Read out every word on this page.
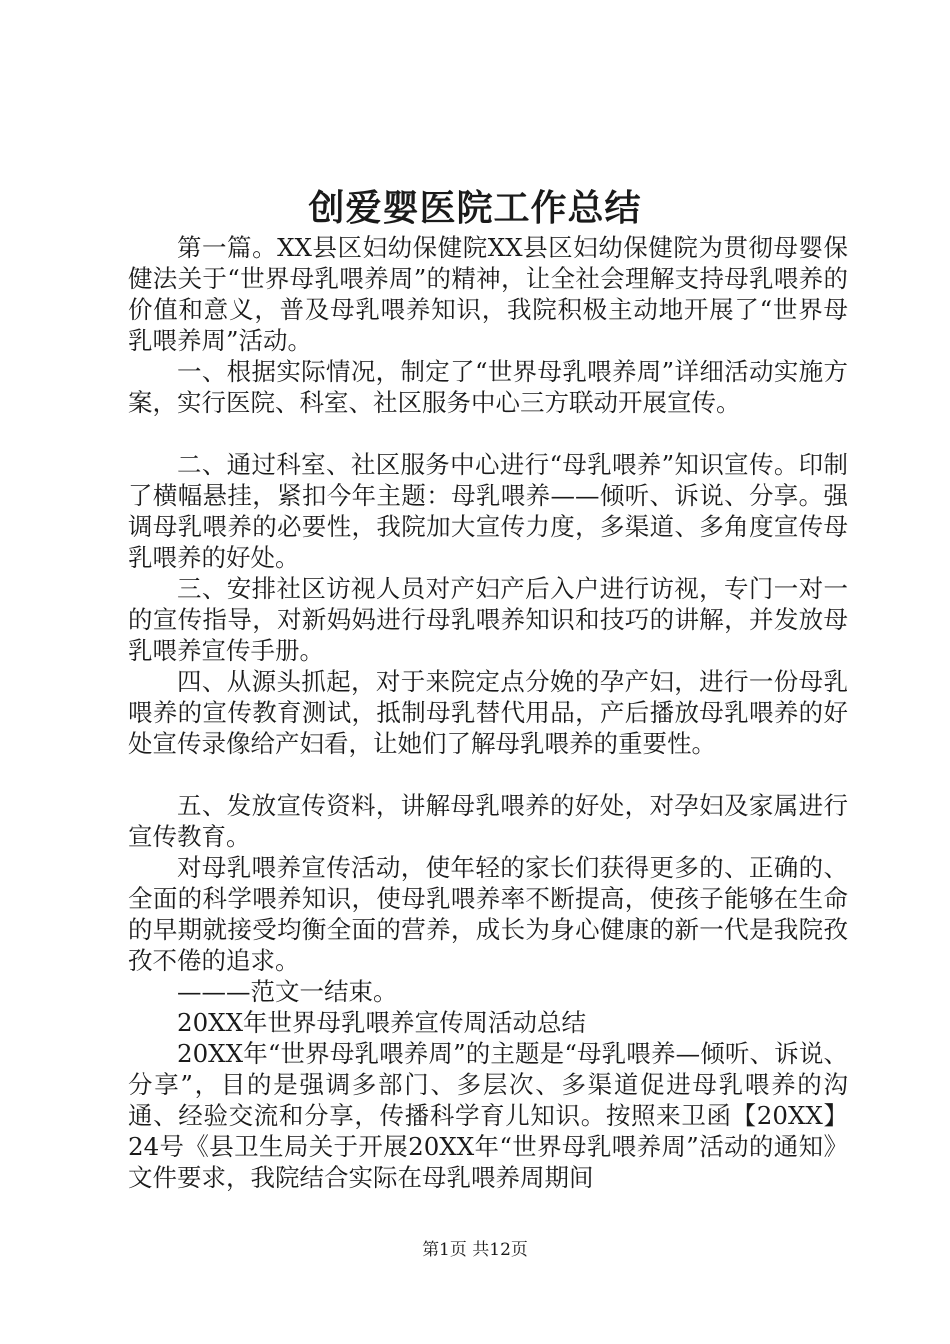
创爱婴医院工作总结

第一篇。XX县区妇幼保健院XX县区妇幼保健院为贯彻母婴保健法关于“世界母乳喂养周”的精神，让全社会理解支持母乳喂养的价值和意义，普及母乳喂养知识，我院积极主动地开展了“世界母乳喂养周”活动。

一、根据实际情况，制定了“世界母乳喂养周”详细活动实施方案，实行医院、科室、社区服务中心三方联动开展宣传。

二、通过科室、社区服务中心进行“母乳喂养”知识宣传。印制了横幅悬挂，紧扣今年主题：母乳喂养——倾听、诉说、分享。强调母乳喂养的必要性，我院加大宣传力度，多渠道、多角度宣传母乳喂养的好处。

三、安排社区访视人员对产妇产后入户进行访视，专门一对一的宣传指导，对新妈妈进行母乳喂养知识和技巧的讲解，并发放母乳喂养宣传手册。

四、从源头抓起，对于来院定点分娩的孕产妇，进行一份母乳喂养的宣传教育测试，抵制母乳替代用品，产后播放母乳喂养的好处宣传录像给产妇看，让她们了解母乳喂养的重要性。

五、发放宣传资料，讲解母乳喂养的好处，对孕妇及家属进行宣传教育。

对母乳喂养宣传活动，使年轻的家长们获得更多的、正确的、全面的科学喂养知识，使母乳喂养率不断提高，使孩子能够在生命的早期就接受均衡全面的营养，成长为身心健康的新一代是我院孜孜不倦的追求。

———范文一结束。

20XX年世界母乳喂养宣传周活动总结

20XX年“世界母乳喂养周”的主题是“母乳喂养—倾听、诉说、分享”，目的是强调多部门、多层次、多渠道促进母乳喂养的沟通、经验交流和分享，传播科学育儿知识。按照来卫函【20XX】24号《县卫生局关于开展20XX年“世界母乳喂养周”活动的通知》文件要求，我院结合实际在母乳喂养周期间

第1页 共12页
